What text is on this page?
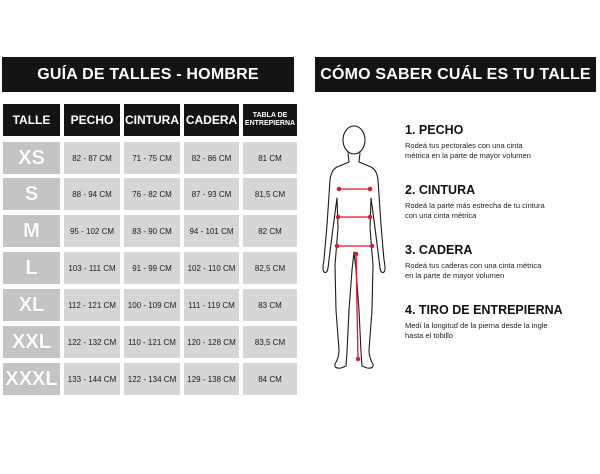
GUÍA DE TALLES - HOMBRE	CÓMO SABER CUÁL ES TU TALLE
TALLE	PECHO CINTURA CADERA	TABLA DE
ENTREPIERNA
XS	82 - 87 CM	71 - 75 CM	82 - 86 CM	81 CM
S	88 - 94 CM	76 - 82 CM	87 - 93 CM	81,5 CM
M	95 - 102 CM	83 - 90 CM	94 - 101 CM	82 CM
L	103 - 111 CM	91 - 99 CM	102 - 110 CM	82,5 CM
XL	112 - 121 CM	100 - 109 CM	111 - 119 CM	83 CM
XXL	122 - 132 CM	110 - 121 CM	120 - 128 CM	83,5 CM
XXXL	133 - 144 CM	122 - 134 CM	129 - 138 CM	84 CM
1. PECHO
Rodeá tus pectorales con una cinta
métrica en la parte de mayor volumen
2. CINTURA
Rodeá la parte más estrecha de tu cintura
con una cinta métrica
3. CADERA
Rodeá tus caderas con una cinta métrica
en la parte de mayor volumen
4. TIRO DE ENTREPIERNA
Medí la longitud de la pierna desde la ingle
hasta el tobillo
